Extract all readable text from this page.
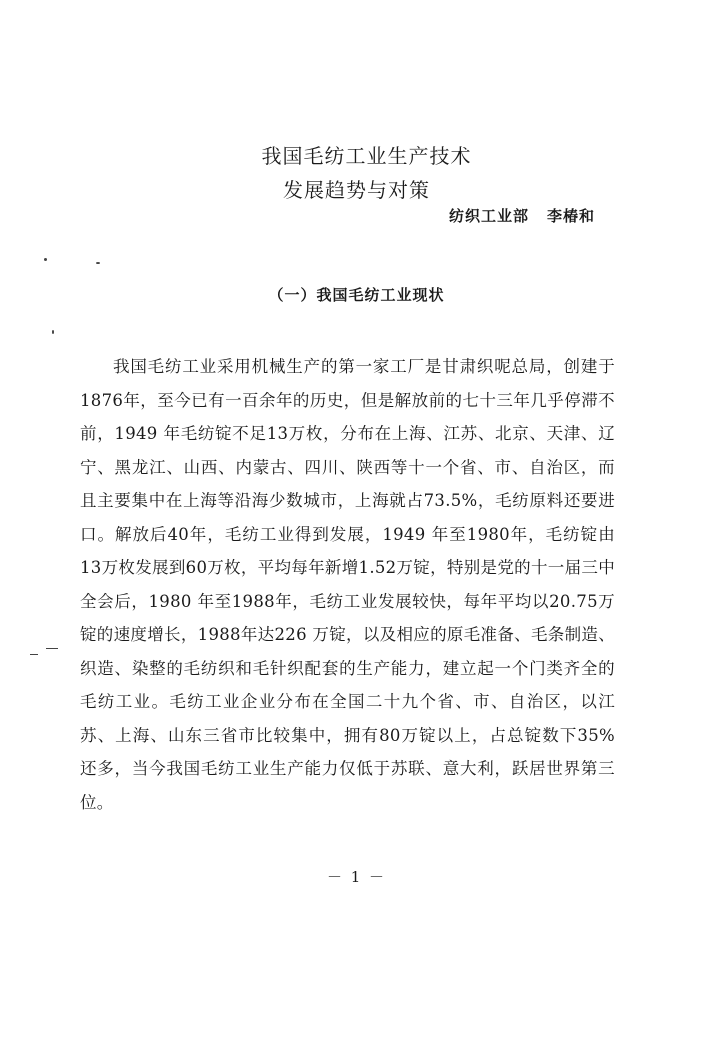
我国毛纺工业生产技术
发展趋势与对策
纺织工业部 李椿和
（一）我国毛纺工业现状

我国毛纺工业采用机械生产的第一家工厂是甘肃织呢总局，创建于1876年，至今已有一百余年的历史，但是解放前的七十三年几乎停滞不前，1949 年毛纺锭不足13万枚，分布在上海、江苏、北京、天津、辽宁、黑龙江、山西、内蒙古、四川、陕西等十一个省、市、自治区，而且主要集中在上海等沿海少数城市，上海就占73.5%，毛纺原料还要进口。解放后40年，毛纺工业得到发展，1949 年至1980年，毛纺锭由13万枚发展到60万枚，平均每年新增1.52万锭，特别是党的十一届三中全会后，1980 年至1988年，毛纺工业发展较快，每年平均以20.75万锭的速度增长，1988年达226 万锭，以及相应的原毛准备、毛条制造、织造、染整的毛纺织和毛针织配套的生产能力，建立起一个门类齐全的毛纺工业。毛纺工业企业分布在全国二十九个省、市、自治区，以江苏、上海、山东三省市比较集中，拥有80万锭以上，占总锭数下35% 还多，当今我国毛纺工业生产能力仅低于苏联、意大利，跃居世界第三位。

－ 1 －
